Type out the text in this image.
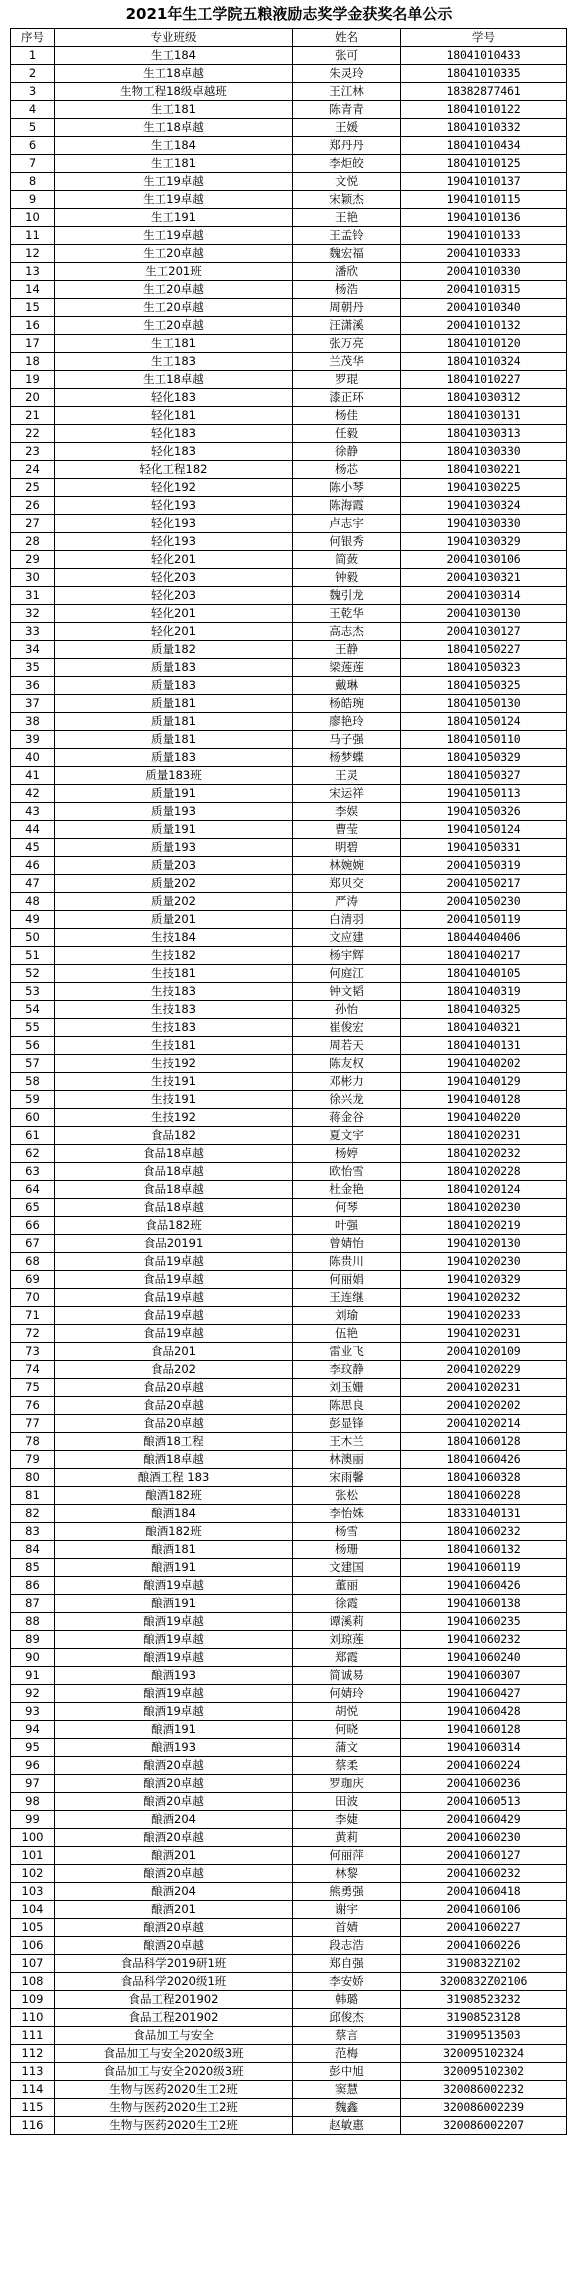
2021年生工学院五粮液励志奖学金获奖名单公示
序号	专业班级	姓名	学号
1	生工184	张可	18041010433
2	生工18卓越	朱灵玲	18041010335
3	生物工程18级卓越班	王江林	18382877461
4	生工181	陈青青	18041010122
5	生工18卓越	王媛	18041010332
6	生工184	郑丹丹	18041010434
7	生工181	李炬皎	18041010125
8	生工19卓越	文悦	19041010137
9	生工19卓越	宋颖杰	19041010115
10	生工191	王艳	19041010136
11	生工19卓越	王孟铃	19041010133
12	生工20卓越	魏宏福	20041010333
13	生工201班	潘欣	20041010330
14	生工20卓越	杨浩	20041010315
15	生工20卓越	周朝丹	20041010340
16	生工20卓越	汪潇溪	20041010132
17	生工181	张万亮	18041010120
18	生工183	兰茂华	18041010324
19	生工18卓越	罗琨	18041010227
20	轻化183	漆正环	18041030312
21	轻化181	杨佳	18041030131
22	轻化183	任毅	18041030313
23	轻化183	徐静	18041030330
24	轻化工程182	杨芯	18041030221
25	轻化192	陈小琴	19041030225
26	轻化193	陈海霞	19041030324
27	轻化193	卢志宇	19041030330
28	轻化193	何银秀	19041030329
29	轻化201	简蔹	20041030106
30	轻化203	钟毅	20041030321
31	轻化203	魏引龙	20041030314
32	轻化201	王乾华	20041030130
33	轻化201	高志杰	20041030127
34	质量182	王静	18041050227
35	质量183	梁莲莲	18041050323
36	质量183	戴琳	18041050325
37	质量181	杨皓琬	18041050130
38	质量181	廖艳玲	18041050124
39	质量181	马子强	18041050110
40	质量183	杨梦蝶	18041050329
41	质量183班	王灵	18041050327
42	质量191	宋运祥	19041050113
43	质量193	李娱	19041050326
44	质量191	曹莹	19041050124
45	质量193	明碧	19041050331
46	质量203	林婉婉	20041050319
47	质量202	郑贝交	20041050217
48	质量202	严涛	20041050230
49	质量201	白清羽	20041050119
50	生技184	文应建	18044040406
51	生技182	杨宇辉	18041040217
52	生技181	何庭江	18041040105
53	生技183	钟文韬	18041040319
54	生技183	孙怡	18041040325
55	生技183	崔俊宏	18041040321
56	生技181	周若天	18041040131
57	生技192	陈友权	19041040202
58	生技191	邓彬力	19041040129
59	生技191	徐兴龙	19041040128
60	生技192	蒋金谷	19041040220
61	食品182	夏文宇	18041020231
62	食品18卓越	杨婷	18041020232
63	食品18卓越	欧怡雪	18041020228
64	食品18卓越	杜金艳	18041020124
65	食品18卓越	何琴	18041020230
66	食品182班	叶强	18041020219
67	食品20191	曾婧怡	19041020130
68	食品19卓越	陈贵川	19041020230
69	食品19卓越	何丽娟	19041020329
70	食品19卓越	王连继	19041020232
71	食品19卓越	刘瑜	19041020233
72	食品19卓越	伍艳	19041020231
73	食品201	雷业飞	20041020109
74	食品202	李玟静	20041020229
75	食品20卓越	刘玉姗	20041020231
76	食品20卓越	陈思良	20041020202
77	食品20卓越	彭显锋	20041020214
78	酿酒18工程	王木兰	18041060128
79	酿酒18卓越	林澳丽	18041060426
80	酿酒工程 183	宋雨馨	18041060328
81	酿酒182班	张松	18041060228
82	酿酒184	李怡姝	18331040131
83	酿酒182班	杨雪	18041060232
84	酿酒181	杨珊	18041060132
85	酿酒191	文建国	19041060119
86	酿酒19卓越	董丽	19041060426
87	酿酒191	徐霞	19041060138
88	酿酒19卓越	谭溪莉	19041060235
89	酿酒19卓越	刘琼莲	19041060232
90	酿酒19卓越	郑霞	19041060240
91	酿酒193	简诚易	19041060307
92	酿酒19卓越	何婧玲	19041060427
93	酿酒19卓越	胡悦	19041060428
94	酿酒191	何晓	19041060128
95	酿酒193	蒲文	19041060314
96	酿酒20卓越	蔡柔	20041060224
97	酿酒20卓越	罗珈庆	20041060236
98	酿酒20卓越	田波	20041060513
99	酿酒204	李婕	20041060429
100	酿酒20卓越	黄莉	20041060230
101	酿酒201	何丽萍	20041060127
102	酿酒20卓越	林黎	20041060232
103	酿酒204	熊勇强	20041060418
104	酿酒201	谢宇	20041060106
105	酿酒20卓越	首婧	20041060227
106	酿酒20卓越	段志浩	20041060226
107	食品科学2019研1班	郑自强	3190832Z102
108	食品科学2020级1班	李安娇	3200832Z02106
109	食品工程201902	韩璐	31908523232
110	食品工程201902	邱俊杰	31908523128
111	食品加工与安全	蔡言	31909513503
112	食品加工与安全2020级3班	范梅	320095102324
113	食品加工与安全2020级3班	彭中旭	320095102302
114	生物与医药2020生工2班	窦慧	320086002232
115	生物与医药2020生工2班	魏鑫	320086002239
116	生物与医药2020生工2班	赵敏惠	320086002207
